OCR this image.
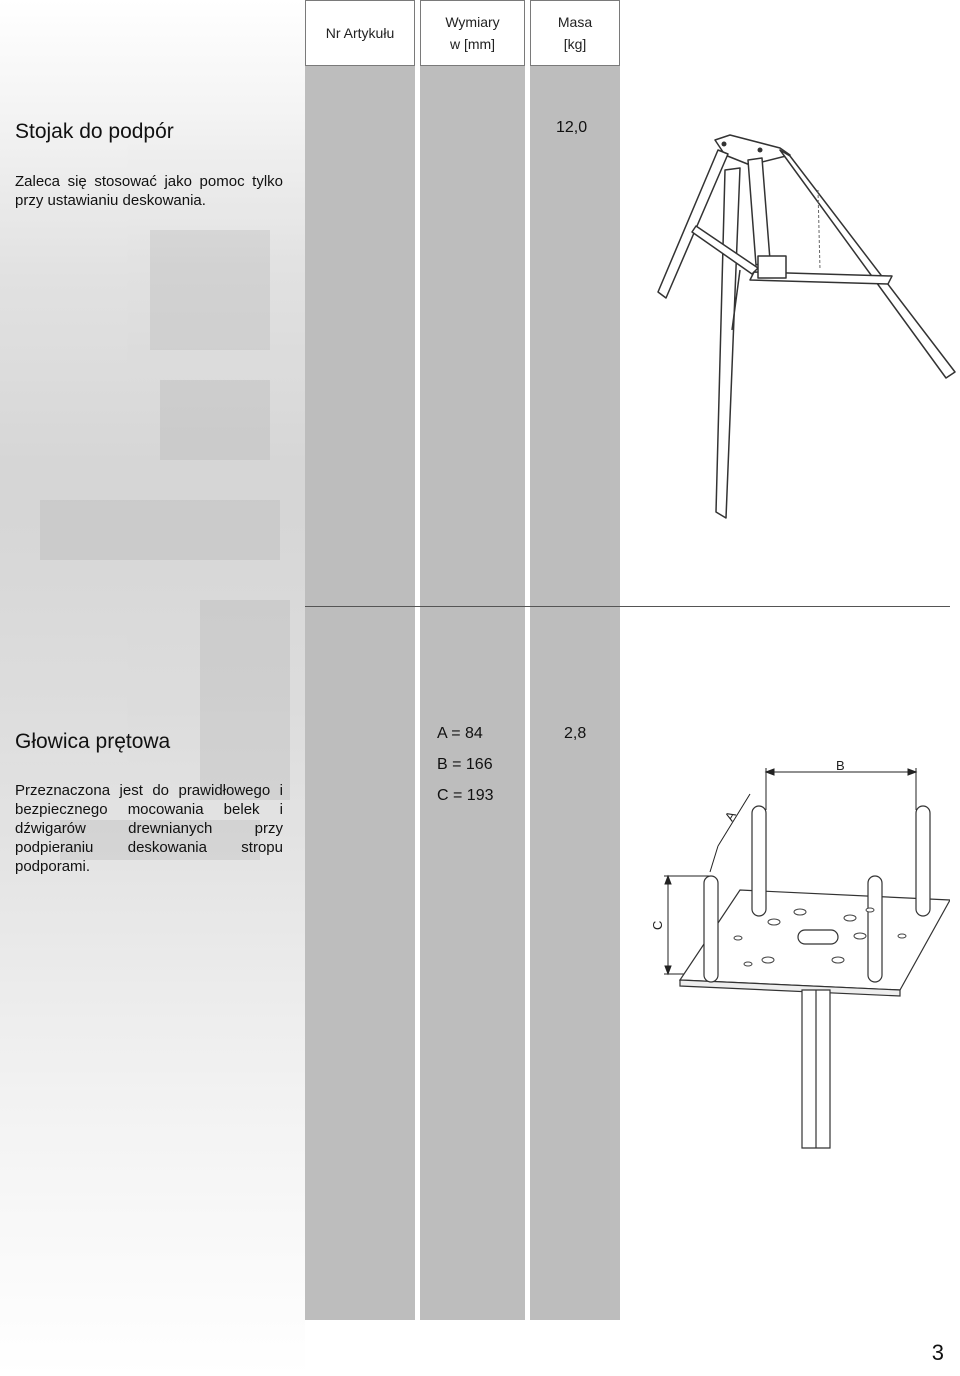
Nr Artykułu
Wymiary
w [mm]
Masa
[kg]
Stojak do podpór
Zaleca się stosować jako pomoc tylko przy ustawianiu deskowania.
12,0
Głowica prętowa
Przeznaczona jest do prawidłowego i bezpiecznego mocowania belek i dźwigarów drewnianych przy podpieraniu deskowania stropu podporami.
A = 84
B = 166
C = 193
2,8
B
A
C
3
